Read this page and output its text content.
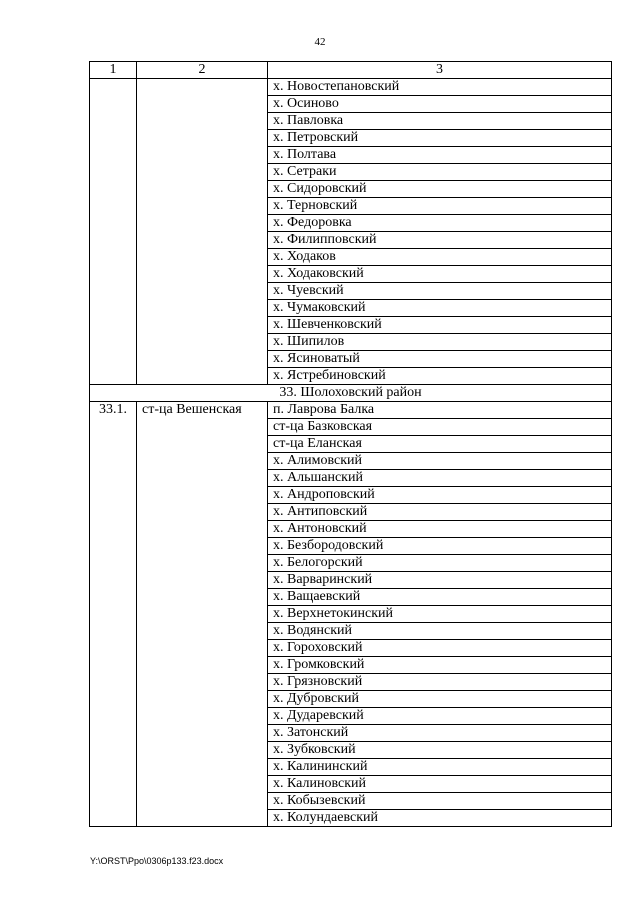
42
1	2	3
		х. Новостепановский
		х. Осиново
		х. Павловка
		х. Петровский
		х. Полтава
		х. Сетраки
		х. Сидоровский
		х. Терновский
		х. Федоровка
		х. Филипповский
		х. Ходаков
		х. Ходаковский
		х. Чуевский
		х. Чумаковский
		х. Шевченковский
		х. Шипилов
		х. Ясиноватый
		х. Ястребиновский
33. Шолоховский район		
33.1.	ст-ца Вешенская	п. Лаврова Балка
		ст-ца Базковская
		ст-ца Еланская
		х. Алимовский
		х. Альшанский
		х. Андроповский
		х. Антиповский
		х. Антоновский
		х. Безбородовский
		х. Белогорский
		х. Варваринский
		х. Ващаевский
		х. Верхнетокинский
		х. Водянский
		х. Гороховский
		х. Громковский
		х. Грязновский
		х. Дубровский
		х. Дударевский
		х. Затонский
		х. Зубковский
		х. Калининский
		х. Калиновский
		х. Кобызевский
		х. Колундаевский
Y:\ORST\Ppo\0306p133.f23.docx
